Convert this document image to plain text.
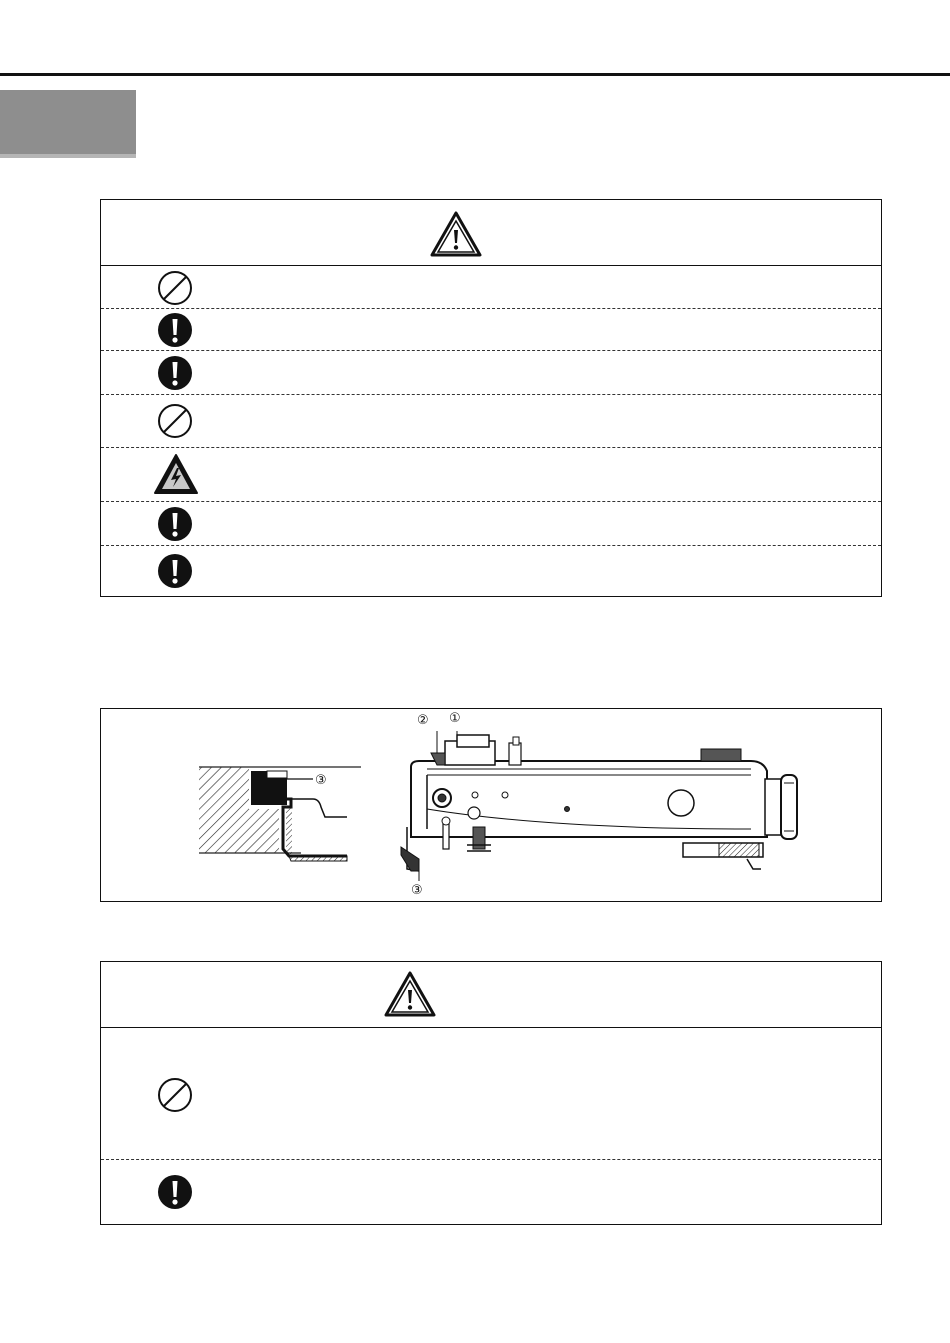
② ①
③
③
